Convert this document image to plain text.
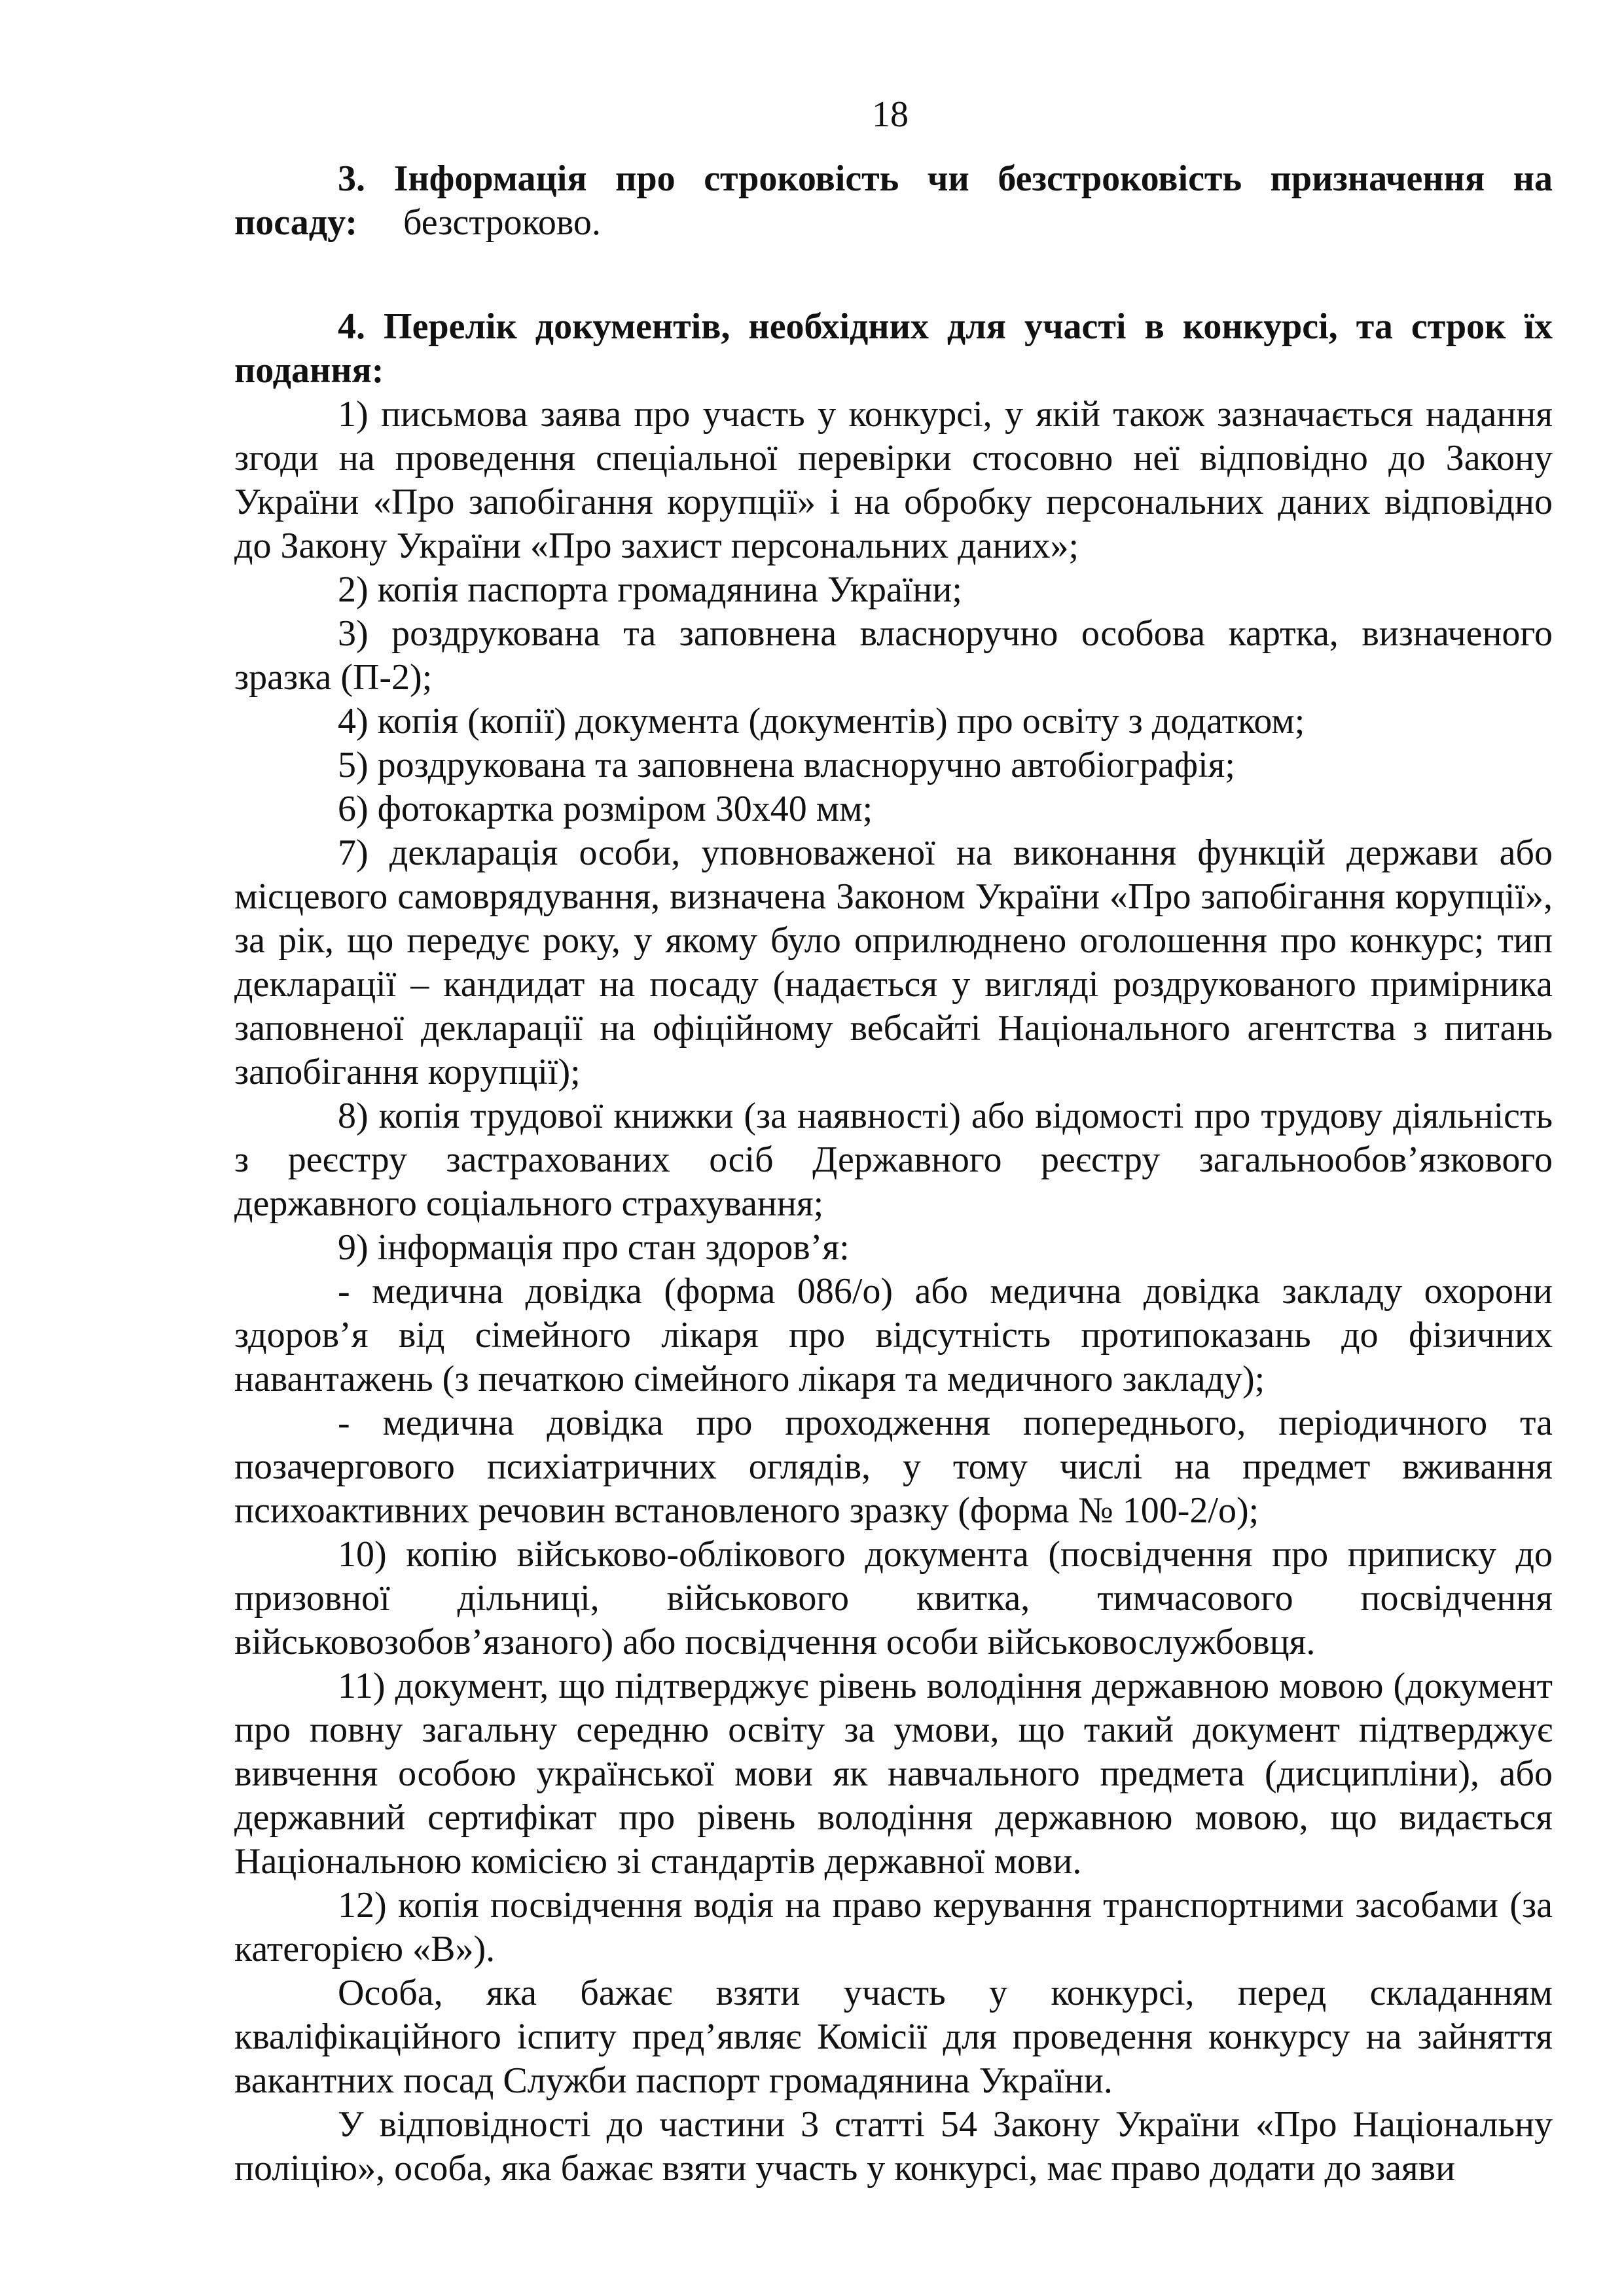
18

3. Інформація про строковість чи безстроковість призначення на посаду: безстроково.

4. Перелік документів, необхідних для участі в конкурсі, та строк їх подання:

1) письмова заява про участь у конкурсі, у якій також зазначається надання згоди на проведення спеціальної перевірки стосовно неї відповідно до Закону України «Про запобігання корупції» і на обробку персональних даних відповідно до Закону України «Про захист персональних даних»;

2) копія паспорта громадянина України;

3) роздрукована та заповнена власноручно особова картка, визначеного зразка (П-2);

4) копія (копії) документа (документів) про освіту з додатком;

5) роздрукована та заповнена власноручно автобіографія;

6) фотокартка розміром 30х40 мм;

7) декларація особи, уповноваженої на виконання функцій держави або місцевого самоврядування, визначена Законом України «Про запобігання корупції», за рік, що передує року, у якому було оприлюднено оголошення про конкурс; тип декларації – кандидат на посаду (надається у вигляді роздрукованого примірника заповненої декларації на офіційному вебсайті Національного агентства з питань запобігання корупції);

8) копія трудової книжки (за наявності) або відомості про трудову діяльність з реєстру застрахованих осіб Державного реєстру загальнообов’язкового державного соціального страхування;

9) інформація про стан здоров’я:

- медична довідка (форма 086/о) або медична довідка закладу охорони здоров’я від сімейного лікаря про відсутність протипоказань до фізичних навантажень (з печаткою сімейного лікаря та медичного закладу);

- медична довідка про проходження попереднього, періодичного та позачергового психіатричних оглядів, у тому числі на предмет вживання психоактивних речовин встановленого зразку (форма № 100-2/о);

10) копію військово-облікового документа (посвідчення про приписку до призовної дільниці, військового квитка, тимчасового посвідчення військовозобов’язаного) або посвідчення особи військовослужбовця.

11) документ, що підтверджує рівень володіння державною мовою (документ про повну загальну середню освіту за умови, що такий документ підтверджує вивчення особою української мови як навчального предмета (дисципліни), або державний сертифікат про рівень володіння державною мовою, що видається Національною комісією зі стандартів державної мови.

12) копія посвідчення водія на право керування транспортними засобами (за категорією «В»).

Особа, яка бажає взяти участь у конкурсі, перед складанням кваліфікаційного іспиту пред’являє Комісії для проведення конкурсу на зайняття вакантних посад Служби паспорт громадянина України.

У відповідності до частини 3 статті 54 Закону України «Про Національну поліцію», особа, яка бажає взяти участь у конкурсі, має право додати до заяви
